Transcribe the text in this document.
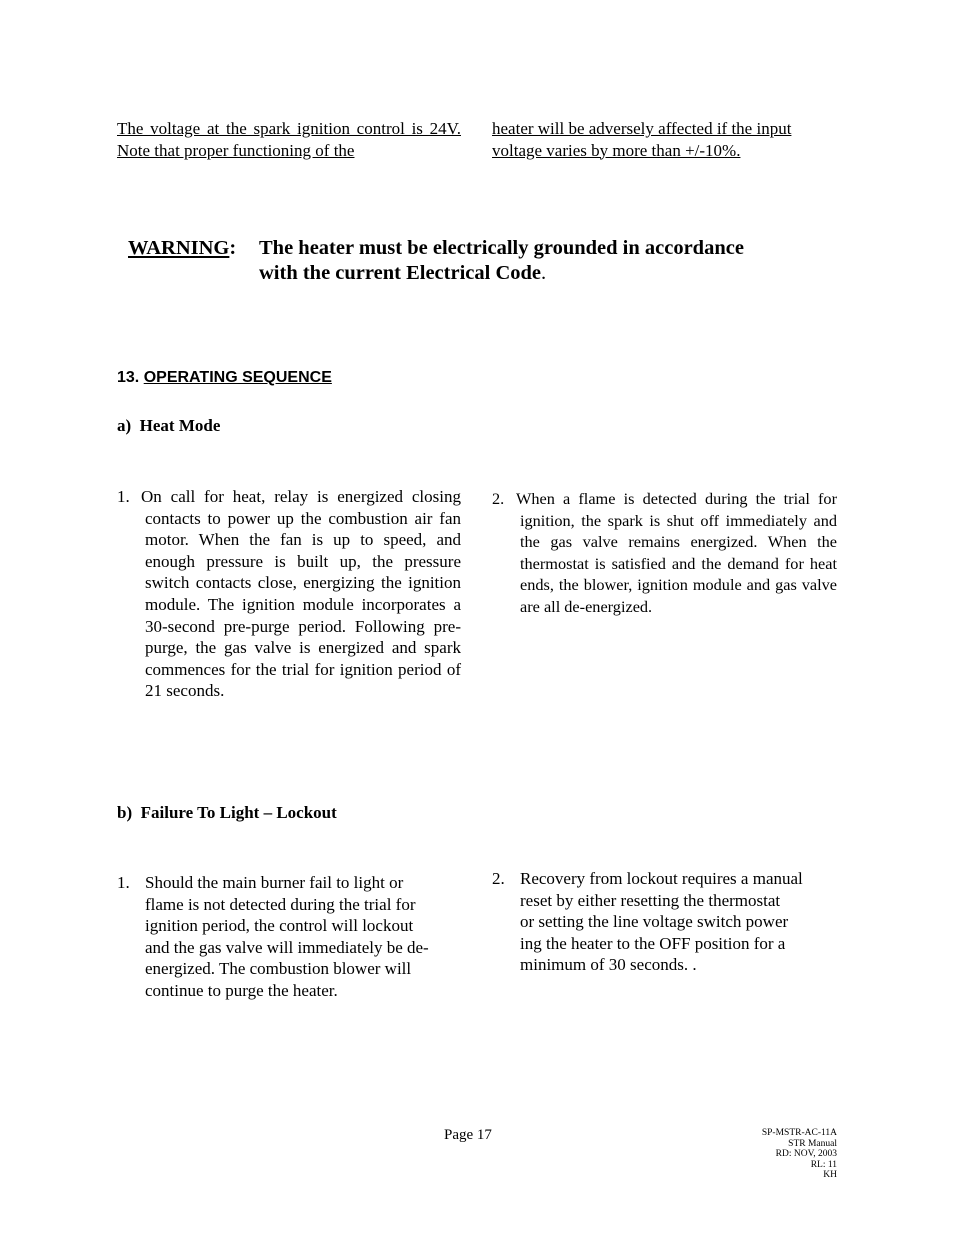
The voltage at the spark ignition control is 24V. Note that proper functioning of the
heater will be adversely affected if the input
voltage varies by more than +/-10%.
WARNING:	The heater must be electrically grounded in accordance
with the current Electrical Code.
13. OPERATING SEQUENCE
a)  Heat Mode
1. On call for heat, relay is energized closing contacts to power up the combustion air fan motor. When the fan is up to speed, and enough pressure is built up, the pressure switch contacts close, energizing the ignition module. The ignition module incorporates a 30-second pre-purge period. Following pre-purge, the gas valve is energized and spark commences for the trial for ignition period of 21 seconds.
2. When a flame is detected during the trial for ignition, the spark is shut off immediately and the gas valve remains energized. When the thermostat is satisfied and the demand for heat ends, the blower, ignition module and gas valve are all de-energized.
b)  Failure To Light – Lockout
1. Should the main burner fail to light or
flame is not detected during the trial for
ignition period, the control will lockout
and the gas valve will immediately be de-
energized. The combustion blower will
continue to purge the heater.
2. Recovery from lockout requires a manual
reset by either resetting the thermostat
or setting the line voltage switch power
ing the heater to the OFF position for a
minimum of 30 seconds. .
Page 17	SP-MSTR-AC-11A
STR Manual
RD: NOV, 2003
RL: 11
KH
